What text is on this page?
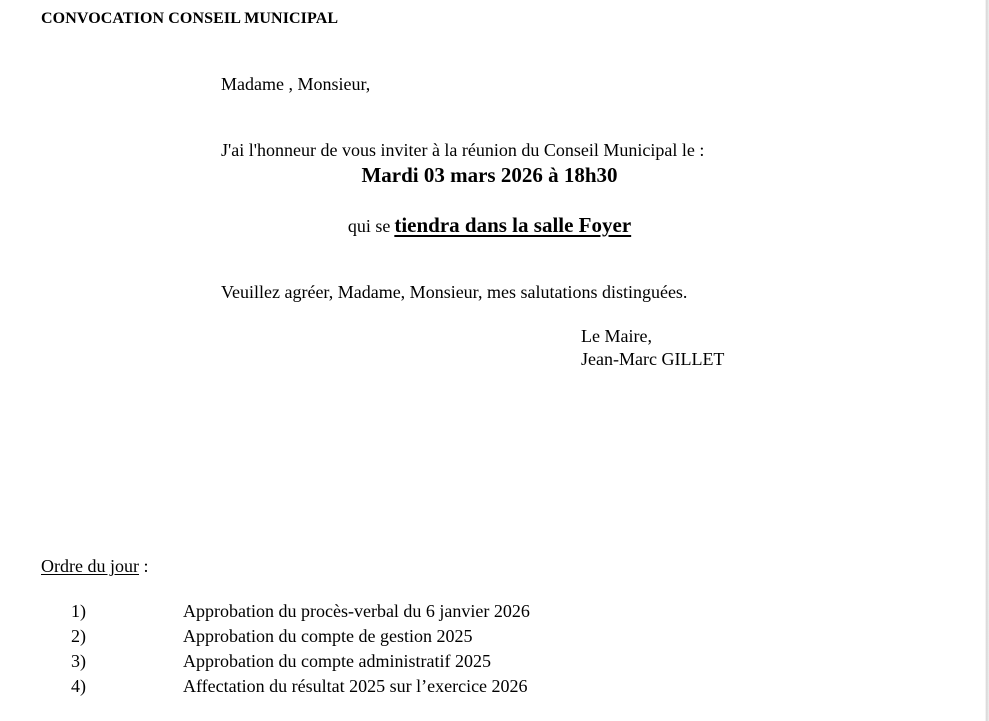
CONVOCATION CONSEIL MUNICIPAL
Madame , Monsieur,
J'ai l'honneur de vous inviter à la réunion du Conseil Municipal le :
Mardi 03 mars 2026 à 18h30
qui se tiendra dans la salle Foyer
Veuillez agréer, Madame, Monsieur, mes salutations distinguées.
Le Maire,
Jean-Marc GILLET
Ordre du jour :
1)	Approbation du procès-verbal du 6 janvier 2026
2)	Approbation du compte de gestion 2025
3)	Approbation du compte administratif 2025
4)	Affectation du résultat 2025 sur l’exercice 2026
